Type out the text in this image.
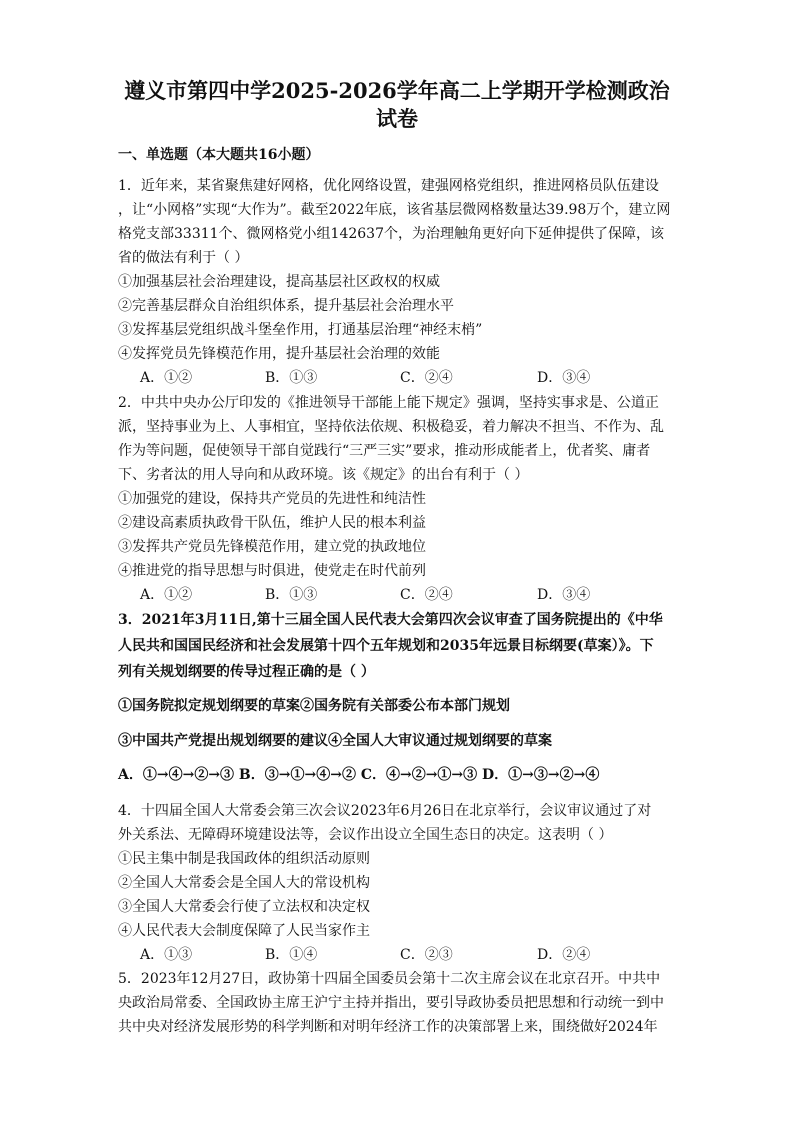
遵义市第四中学2025-2026学年高二上学期开学检测政治
试卷
一、单选题（本大题共16小题）
1．近年来，某省聚焦建好网格，优化网络设置，建强网格党组织，推进网格员队伍建设
，让“小网格”实现“大作为”。截至2022年底，该省基层微网格数量达39.98万个，建立网
格党支部33311个、微网格党小组142637个，为治理触角更好向下延伸提供了保障，该
省的做法有利于（ ）
①加强基层社会治理建设，提高基层社区政权的权威
②完善基层群众自治组织体系，提升基层社会治理水平
③发挥基层党组织战斗堡垒作用，打通基层治理“神经末梢”
④发挥党员先锋模范作用，提升基层社会治理的效能
A．①②	B．①③	C．②④	D．③④
2．中共中央办公厅印发的《推进领导干部能上能下规定》强调，坚持实事求是、公道正
派，坚持事业为上、人事相宜，坚持依法依规、积极稳妥，着力解决不担当、不作为、乱
作为等问题，促使领导干部自觉践行“三严三实”要求，推动形成能者上，优者奖、庸者
下、劣者汰的用人导向和从政环境。该《规定》的出台有利于（ ）
①加强党的建设，保持共产党员的先进性和纯洁性
②建设高素质执政骨干队伍，维护人民的根本利益
③发挥共产党员先锋模范作用，建立党的执政地位
④推进党的指导思想与时俱进，使党走在时代前列
A．①②	B．①③	C．②④	D．③④
3．2021年3月11日,第十三届全国人民代表大会第四次会议审查了国务院提出的《中华
人民共和国国民经济和社会发展第十四个五年规划和2035年远景目标纲要(草案）》。下
列有关规划纲要的传导过程正确的是（ ）
①国务院拟定规划纲要的草案②国务院有关部委公布本部门规划
③中国共产党提出规划纲要的建议④全国人大审议通过规划纲要的草案
A．①→④→②→③ B．③→①→④→② C．④→②→①→③ D．①→③→②→④
4．十四届全国人大常委会第三次会议2023年6月26日在北京举行，会议审议通过了对
外关系法、无障碍环境建设法等，会议作出设立全国生态日的决定。这表明（ ）
①民主集中制是我国政体的组织活动原则
②全国人大常委会是全国人大的常设机构
③全国人大常委会行使了立法权和决定权
④人民代表大会制度保障了人民当家作主
A．①③	B．①④	C．②③	D．②④
5．2023年12月27日，政协第十四届全国委员会第十二次主席会议在北京召开。中共中
央政治局常委、全国政协主席王沪宁主持并指出，要引导政协委员把思想和行动统一到中
共中央对经济发展形势的科学判断和对明年经济工作的决策部署上来，围绕做好2024年
